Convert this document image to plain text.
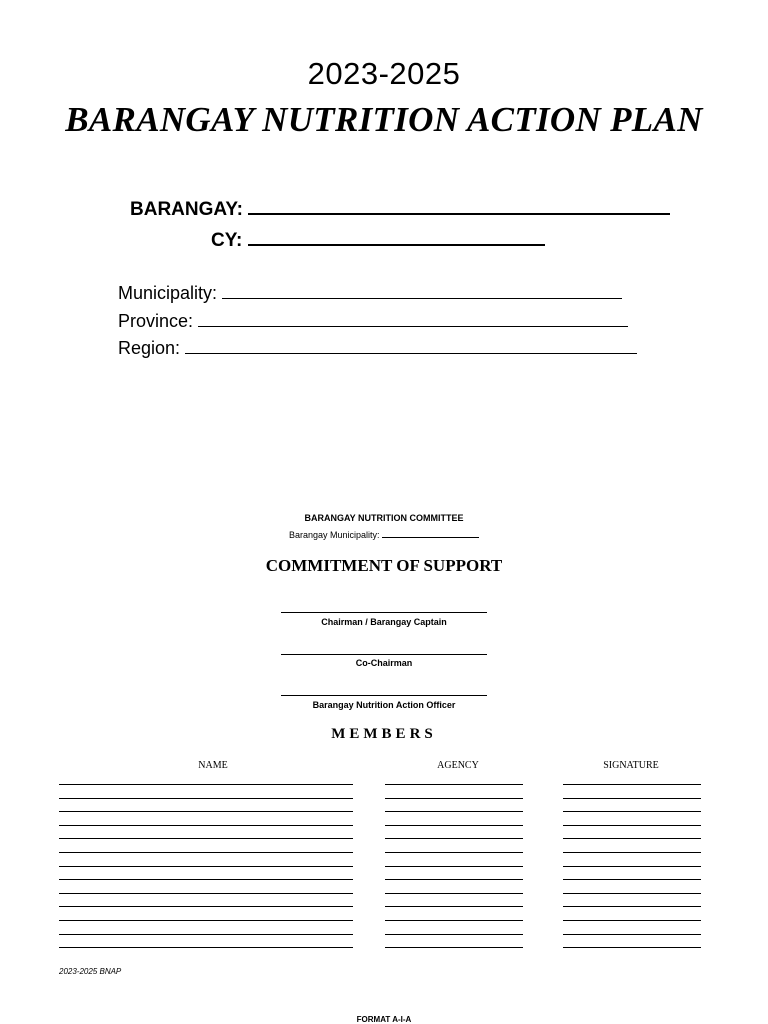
2023-2025
BARANGAY NUTRITION ACTION PLAN
BARANGAY:
CY:
Municipality:
Province:
Region:
BARANGAY NUTRITION COMMITTEE
Barangay Municipality:
COMMITMENT OF SUPPORT
Chairman / Barangay Captain
Co-Chairman
Barangay Nutrition Action Officer
MEMBERS
NAME	AGENCY	SIGNATURE
2023-2025 BNAP
FORMAT A-I-A
